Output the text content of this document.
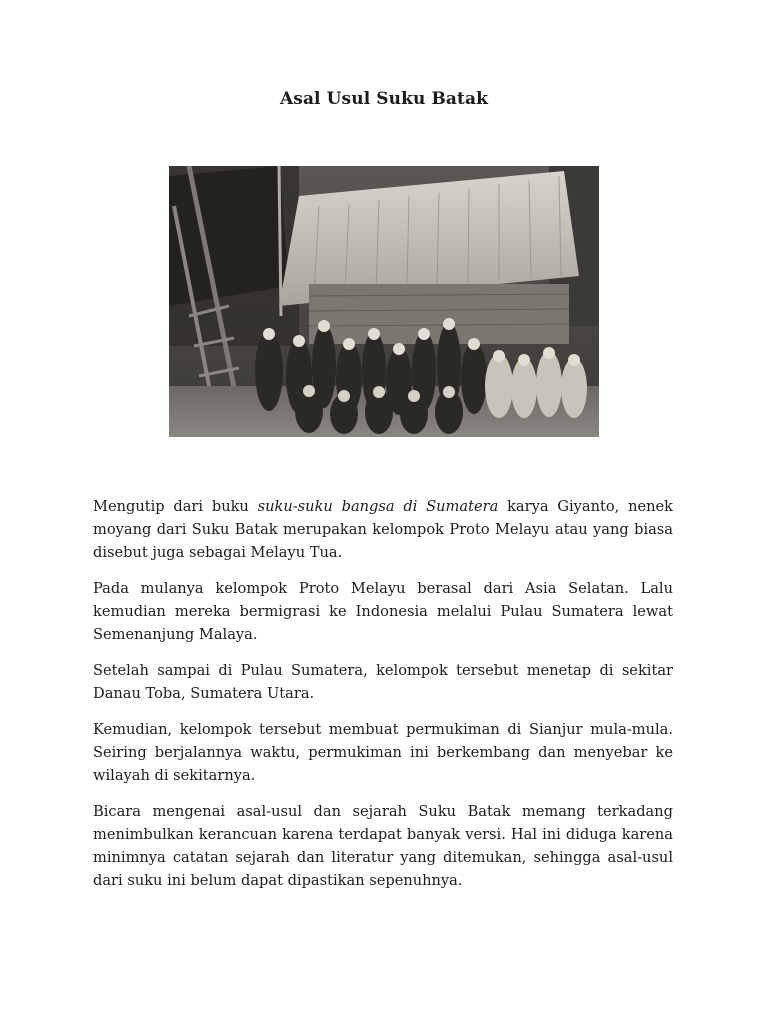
Asal Usul Suku Batak

Mengutip dari buku suku-suku bangsa di Sumatera karya Giyanto, nenek moyang dari Suku Batak merupakan kelompok Proto Melayu atau yang biasa disebut juga sebagai Melayu Tua.

Pada mulanya kelompok Proto Melayu berasal dari Asia Selatan. Lalu kemudian mereka bermigrasi ke Indonesia melalui Pulau Sumatera lewat Semenanjung Malaya.

Setelah sampai di Pulau Sumatera, kelompok tersebut menetap di sekitar Danau Toba, Sumatera Utara.

Kemudian, kelompok tersebut membuat permukiman di Sianjur mula-mula. Seiring berjalannya waktu, permukiman ini berkembang dan menyebar ke wilayah di sekitarnya.

Bicara mengenai asal-usul dan sejarah Suku Batak memang terkadang menimbulkan kerancuan karena terdapat banyak versi. Hal ini diduga karena minimnya catatan sejarah dan literatur yang ditemukan, sehingga asal-usul dari suku ini belum dapat dipastikan sepenuhnya.
